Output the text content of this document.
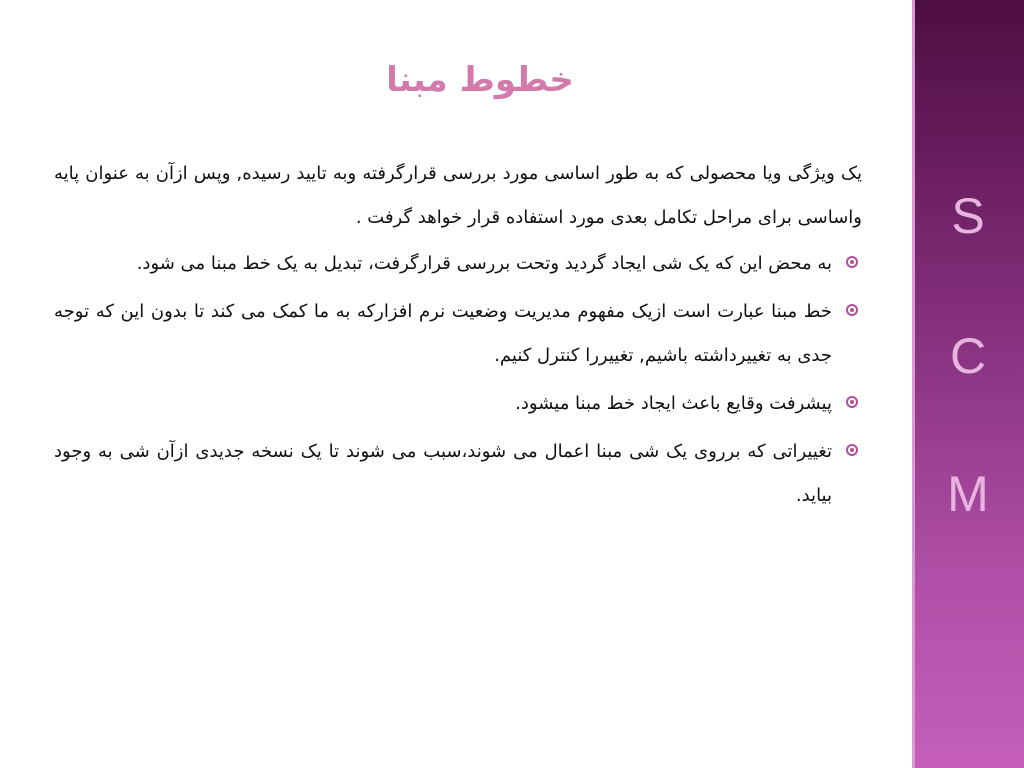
S
C
M
خطوط مبنا

یک ویژگی ویا محصولی که به طور اساسی مورد بررسی قرارگرفته وبه تایید رسیده, وپس ازآن به عنوان پایه واساسی برای مراحل تکامل بعدی مورد استفاده قرار خواهد گرفت .

به محض این که یک شی ایجاد گردید وتحت بررسی قرارگرفت، تبدیل به یک خط مبنا می شود.
خط مبنا عبارت است ازیک مفهوم مدیریت وضعیت نرم افزارکه به ما کمک می کند تا بدون این که توجه جدی به تغییرداشته باشیم, تغییررا کنترل کنیم.
پیشرفت وقایع باعث ایجاد خط مبنا میشود.
تغییراتی که برروی یک شی مبنا اعمال می شوند،سبب می شوند تا یک نسخه جدیدی ازآن شی به وجود بیاید.
